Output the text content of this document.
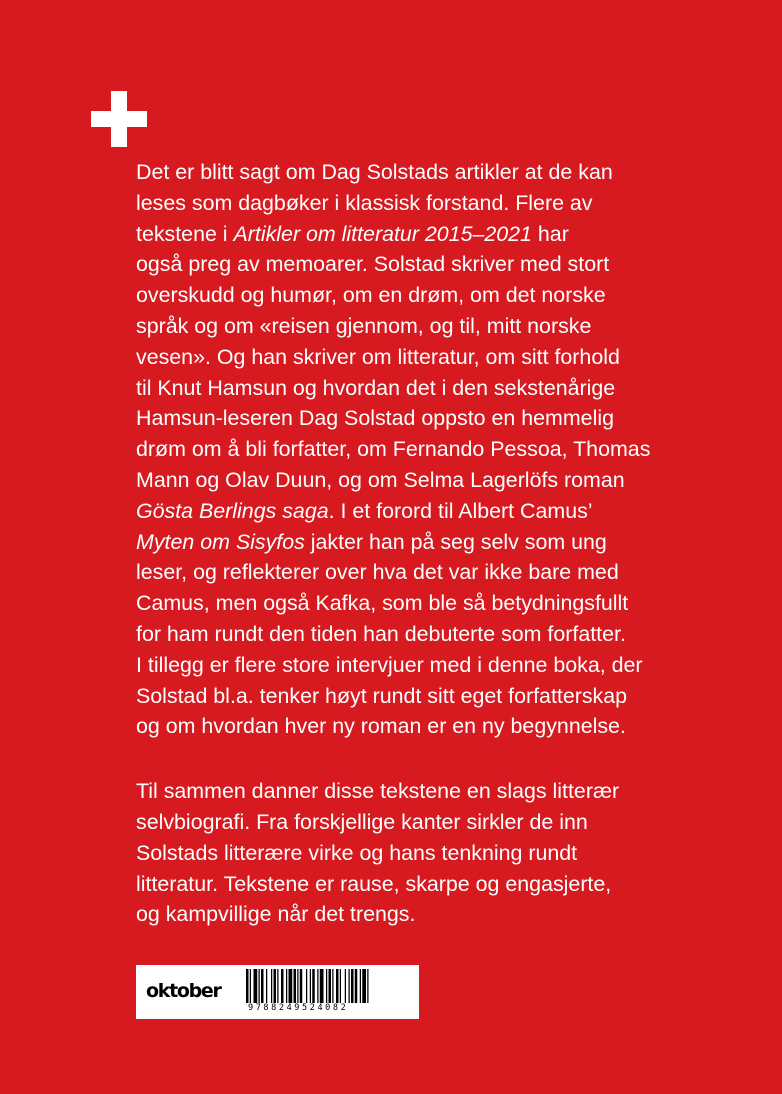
Det er blitt sagt om Dag Solstads artikler at de kan
leses som dagbøker i klassisk forstand. Flere av
tekstene i Artikler om litteratur 2015–2021 har
også preg av memoarer. Solstad skriver med stort
overskudd og humør, om en drøm, om det norske
språk og om «reisen gjennom, og til, mitt norske
vesen». Og han skriver om litteratur, om sitt forhold
til Knut Hamsun og hvordan det i den sekstenårige
Hamsun-leseren Dag Solstad oppsto en hemmelig
drøm om å bli forfatter, om Fernando Pessoa, Thomas
Mann og Olav Duun, og om Selma Lagerlöfs roman
Gösta Berlings saga. I et forord til Albert Camus’
Myten om Sisyfos jakter han på seg selv som ung
leser, og reflekterer over hva det var ikke bare med
Camus, men også Kafka, som ble så betydningsfullt
for ham rundt den tiden han debuterte som forfatter.
I tillegg er flere store intervjuer med i denne boka, der
Solstad bl.a. tenker høyt rundt sitt eget forfatterskap
og om hvordan hver ny roman er en ny begynnelse.
Til sammen danner disse tekstene en slags litterær
selvbiografi. Fra forskjellige kanter sirkler de inn
Solstads litterære virke og hans tenkning rundt
litteratur. Tekstene er rause, skarpe og engasjerte,
og kampvillige når det trengs.
oktober
9788249524082
